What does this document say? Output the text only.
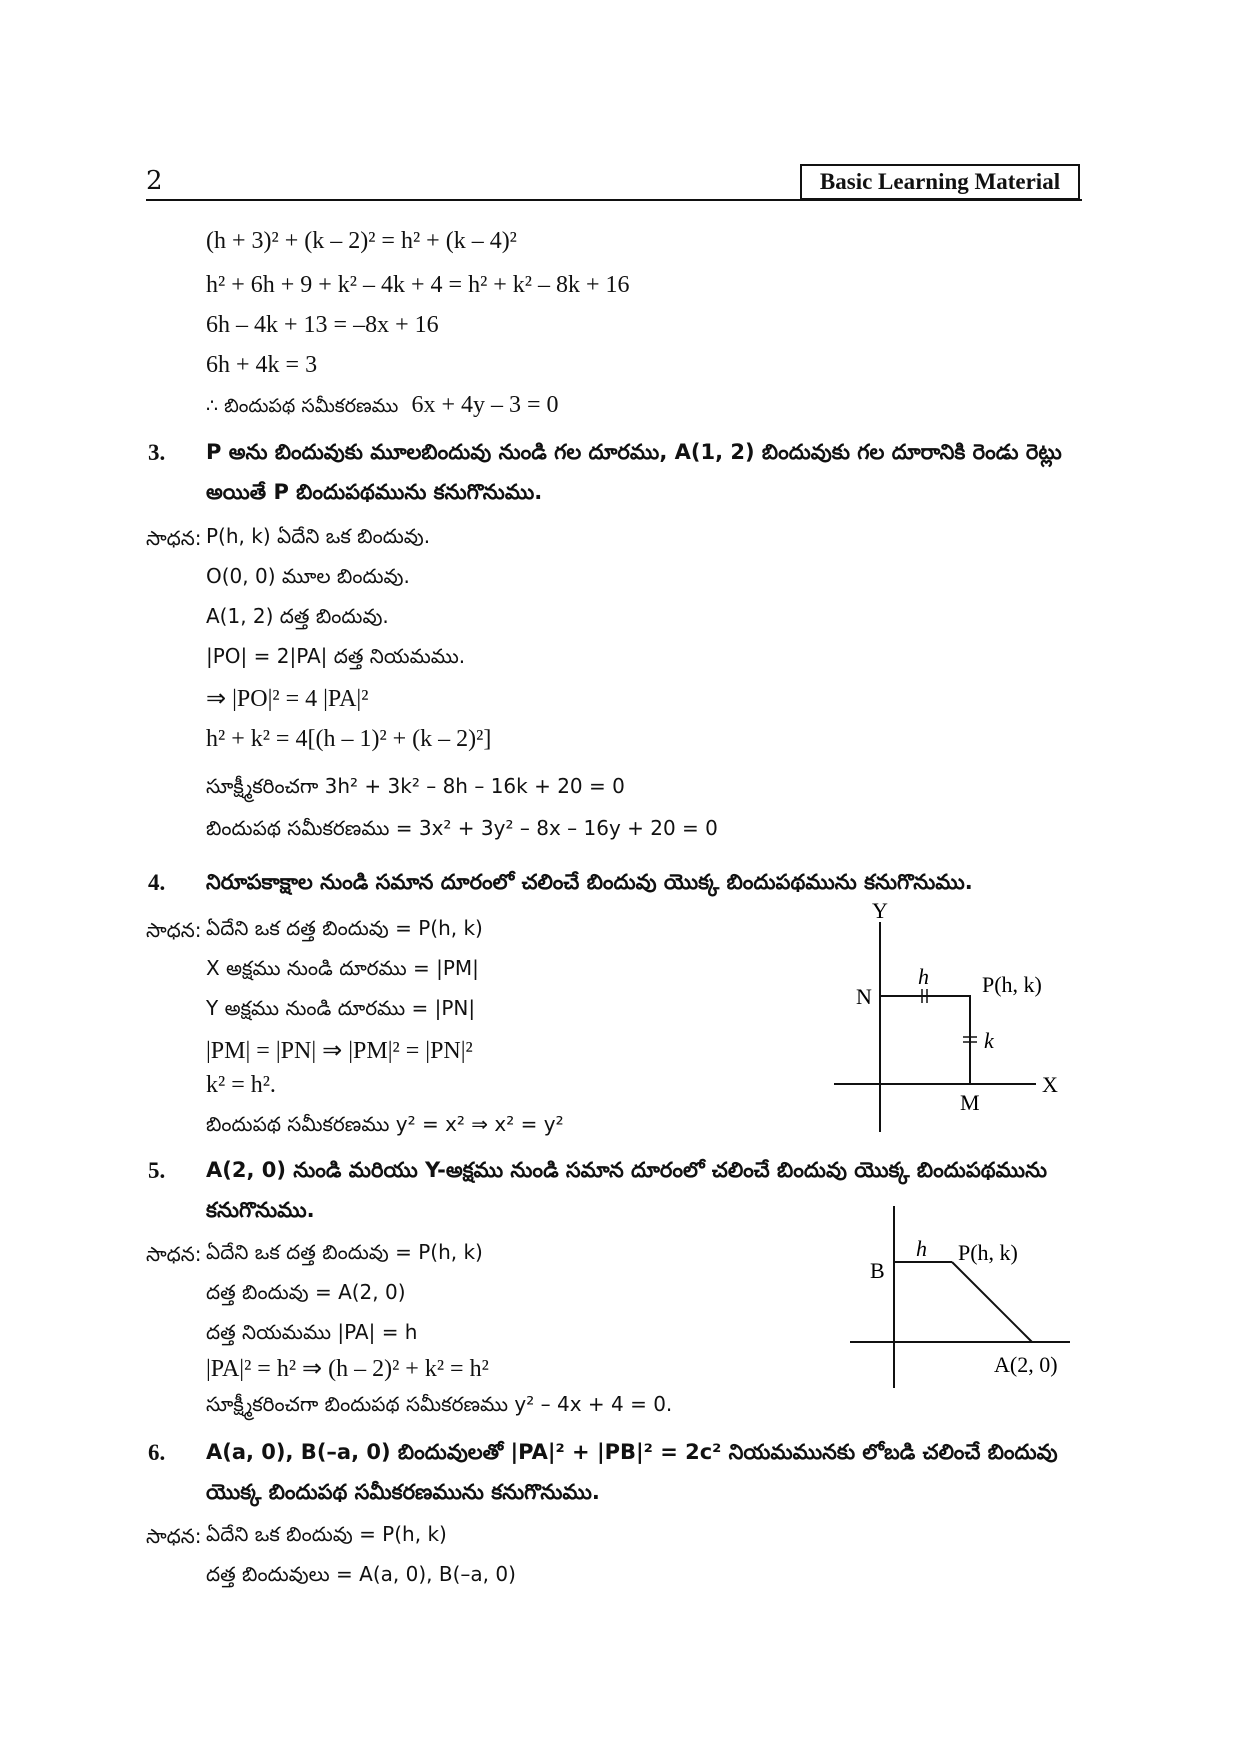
2	Basic Learning Material
(h + 3)² + (k – 2)² = h² + (k – 4)²
h² + 6h + 9 + k² – 4k + 4 = h² + k² – 8k + 16
6h – 4k + 13 = –8x + 16
6h + 4k = 3
∴ బిందుపథ సమీకరణము 6x + 4y – 3 = 0
3. P అను బిందువుకు మూలబిందువు నుండి గల దూరము, A(1, 2) బిందువుకు గల దూరానికి రెండు రెట్లు అయితే P బిందుపథమును కనుగొనుము.
సాధన: P(h, k) ఏదేని ఒక బిందువు.
O(0, 0) మూల బిందువు.
A(1, 2) దత్త బిందువు.
|PO| = 2|PA| దత్త నియమము.
⇒ |PO|² = 4 |PA|²
h² + k² = 4[(h – 1)² + (k – 2)²]
సూక్ష్మీకరించగా 3h² + 3k² – 8h – 16k + 20 = 0
బిందుపథ సమీకరణము = 3x² + 3y² – 8x – 16y + 20 = 0
4. నిరూపకాక్షాల నుండి సమాన దూరంలో చలించే బిందువు యొక్క బిందుపథమును కనుగొనుము.
సాధన: ఏదేని ఒక దత్త బిందువు = P(h, k)
X అక్షము నుండి దూరము = |PM|
Y అక్షము నుండి దూరము = |PN|
|PM| = |PN| ⇒ |PM|² = |PN|²
k² = h².
బిందుపథ సమీకరణము y² = x² ⇒ x² = y²
Y
X
N
M
h
k
P(h, k)
5. A(2, 0) నుండి మరియు Y-అక్షము నుండి సమాన దూరంలో చలించే బిందువు యొక్క బిందుపథమును కనుగొనుము.
సాధన: ఏదేని ఒక దత్త బిందువు = P(h, k)
దత్త బిందువు = A(2, 0)
దత్త నియమము |PA| = h
|PA|² = h² ⇒ (h – 2)² + k² = h²
సూక్ష్మీకరించగా బిందుపథ సమీకరణము y² – 4x + 4 = 0.
B
h P(h, k)
A(2, 0)
6. A(a, 0), B(–a, 0) బిందువులతో |PA|² + |PB|² = 2c² నియమమునకు లోబడి చలించే బిందువు యొక్క బిందుపథ సమీకరణమును కనుగొనుము.
సాధన: ఏదేని ఒక బిందువు = P(h, k)
దత్త బిందువులు = A(a, 0), B(–a, 0)
